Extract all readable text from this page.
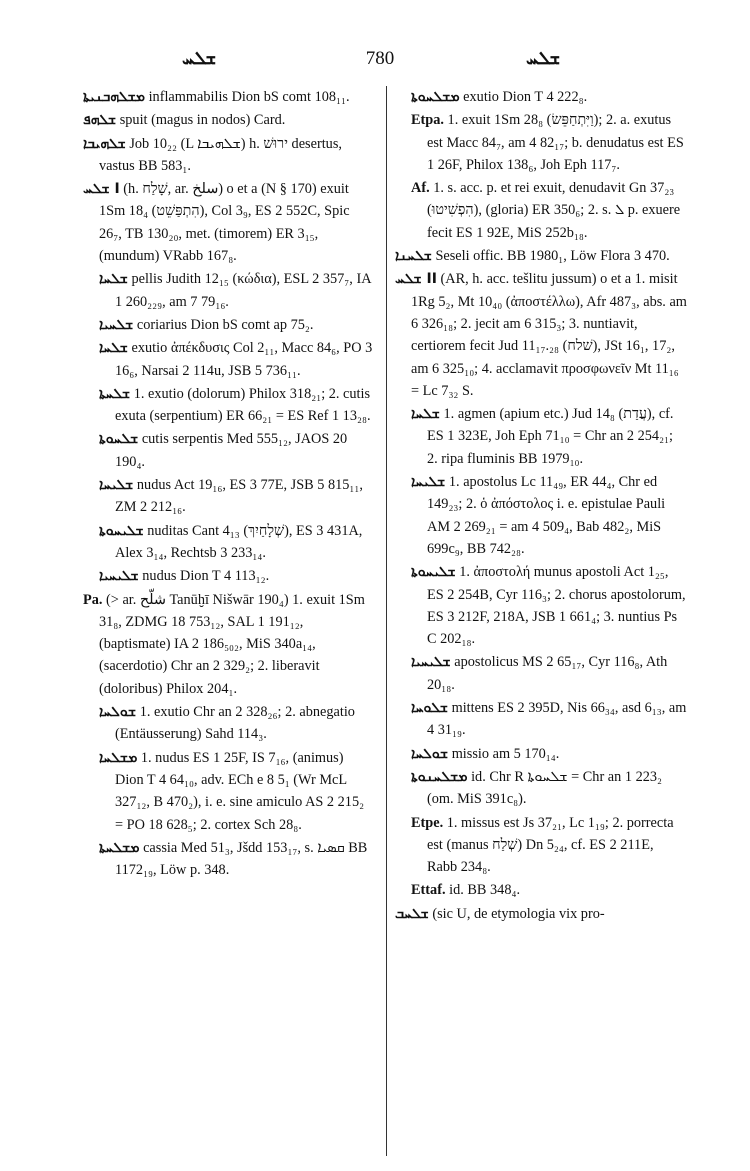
ܫܠܚ	780	ܫܠܚ
ܡܫܠܗܒܢܝܬܐ inflammabilis Dion bS comt 108₁₁.
ܫܠܗܦ spuit (magus in nodos) Card.
ܫܠܗܝܒܐ Job 10₂₂ (L ܫܠܗܝܒܐ) h. ירוּשׁ desertus, vastus BB 583₁.
I ܫܠܚ (h. שָׁלַח, ar. سلخ) o et a (N § 170) exuit 1Sm 18₄ (הִתְפַּשֵׁט), Col 3₉, ES 2 552C, Spic 26₇, TB 130₂₀, met. (timorem) ER 3₁₅, (mundum) VRabb 167₈.
ܫܠܚܐ pellis Judith 12₁₅ (κώδια), ESL 2 357₇, IA 1 260₂₂₉, am 7 79₁₆.
ܫܠܚܝܐ coriarius Dion bS comt ap 75₂.
ܫܠܚܐ exutio ἀπέκδυσις Col 2₁₁, Macc 84₆, PO 3 16₆, Narsai 2 114u, JSB 5 736₁₁.
ܫܠܚܬܐ 1. exutio (dolorum) Philox 318₂₁; 2. cutis exuta (serpentium) ER 66₂₁ = ES Ref 1 13₂₈.
ܫܠܚܘܬܐ cutis serpentis Med 555₁₂, JAOS 20 190₄.
ܫܠܝܚܐ nudus Act 19₁₆, ES 3 77E, JSB 5 815₁₁, ZM 2 212₁₆.
ܫܠܝܚܘܬܐ nuditas Cant 4₁₃ (שְׁלָחַיִךְ), ES 3 431A, Alex 3₁₄, Rechtsb 3 233₁₄.
ܫܠܝܚܝܐ nudus Dion T 4 113₁₂.
Pa. (> ar. شلّح Tanūḫī Nišwār 190₄) 1. exuit 1Sm 31₈, ZDMG 18 753₁₂, SAL 1 191₁₂, (baptismate) IA 2 186₅₀₂, MiS 340a₁₄, (sacerdotio) Chr an 2 329₂; 2. liberavit (doloribus) Philox 204₁.
ܫܘܠܚܐ 1. exutio Chr an 2 328₂₆; 2. abnegatio (Entäusserung) Sahd 114₃.
ܡܫܠܚܐ 1. nudus ES 1 25F, IS 7₁₆, (animus) Dion T 4 64₁₀, adv. ECh e 8 5₁ (Wr McL 327₁₂, B 470₂), i. e. sine amiculo AS 2 215₂ = PO 18 628₅; 2. cortex Sch 28₈.
ܡܫܠܚܬܐ cassia Med 51₃, Jšdd 153₁₇, s. ܩܣܝܐ BB 1172₁₉, Löw p. 348.
ܡܫܠܚܘܬܐ exutio Dion T 4 222₈.
Etpa. 1. exuit 1Sm 28₈ (וַיִּתְחַפֵּשׂ); 2. a. exutus est Macc 84₇, am 4 82₁₇; b. denudatus est ES 1 26F, Philox 138₆, Joh Eph 117₇.
Af. 1. s. acc. p. et rei exuit, denudavit Gn 37₂₃ (הִפְשִׁיטוּ), (gloria) ER 350₆; 2. s. ܠ p. exuere fecit ES 1 92E, MiS 252b₁₈.
ܫܠܚܢܐ Seseli offic. BB 1980₁, Löw Flora 3 470.
II ܫܠܚ (AR, h. acc. tešlitu jussum) o et a 1. misit 1Rg 5₂, Mt 10₄₀ (ἀποστέλλω), Afr 487₃, abs. am 6 326₁₈; 2. jecit am 6 315₃; 3. nuntiavit, certiorem fecit Jud 11₁₇.₂₈ (שׁלח), JSt 16₁, 17₂, am 6 325₁₀; 4. acclamavit προσφωνεῖν Mt 11₁₆ = Lc 7₃₂ S.
ܫܠܚܐ 1. agmen (apium etc.) Jud 14₈ (עֲדַת), cf. ES 1 323E, Joh Eph 71₁₀ = Chr an 2 254₂₁; 2. ripa fluminis BB 1979₁₀.
ܫܠܝܚܐ 1. apostolus Lc 11₄₉, ER 44₄, Chr ed 149₂₃; 2. ὁ ἀπόστολος i. e. epistulae Pauli AM 2 269₂₁ = am 4 509₄, Bab 482₂, MiS 699c₉, BB 742₂₈.
ܫܠܝܚܘܬܐ 1. ἀποστολή munus apostoli Act 1₂₅, ES 2 254B, Cyr 116₃; 2. chorus apostolorum, ES 3 212F, 218A, JSB 1 661₄; 3. nuntius Ps C 202₁₈.
ܫܠܝܚܝܐ apostolicus MS 2 65₁₇, Cyr 116₈, Ath 20₁₈.
ܫܠܘܚܐ mittens ES 2 395D, Nis 66₃₄, asd 6₁₃, am 4 31₁₉.
ܫܘܠܚܐ missio am 5 170₁₄.
ܡܫܠܚܢܘܬܐ id. Chr R ܫܠܚܘܬܐ = Chr an 1 223₂ (om. MiS 391c₈).
Etpe. 1. missus est Js 37₂₁, Lc 1₁₉; 2. porrecta est (manus שְׁלַח) Dn 5₂₄, cf. ES 2 211E, Rabb 234₈.
Ettaf. id. BB 348₄.
ܫܠܚܒ (sic U, de etymologia vix pro-
